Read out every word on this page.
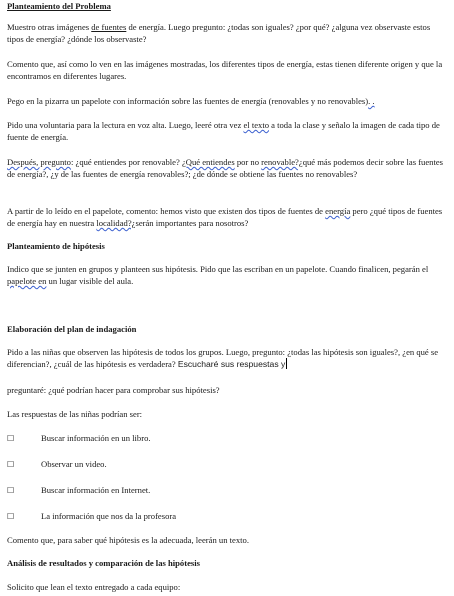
Planteamiento del Problema

Muestro otras imágenes de fuentes de energía. Luego pregunto: ¿todas son iguales? ¿por qué? ¿alguna vez observaste estos tipos de energía? ¿dónde los observaste?

Comento que, así como lo ven en las imágenes mostradas, los diferentes tipos de energía, estas tienen diferente origen y que la encontramos en diferentes lugares.

Pego en la pizarra un papelote con información sobre las fuentes de energía (renovables y no renovables). .

Pido una voluntaria para la lectura en voz alta. Luego, leeré otra vez el texto a toda la clase y señalo la imagen de cada tipo de fuente de energía.

Después, pregunto: ¿qué entiendes por renovable? ¿Qué entiendes por no renovable?¿qué más podemos decir sobre las fuentes de energía?, ¿y de las fuentes de energía renovables?; ¿de dónde se obtiene las fuentes no renovables?

A partir de lo leído en el papelote, comento: hemos visto que existen dos tipos de fuentes de energía pero ¿qué tipos de fuentes de energía hay en nuestra localidad?¿serán importantes para nosotros?

Planteamiento de hipótesis

Indico que se junten en grupos y planteen sus hipótesis. Pido que las escriban en un papelote. Cuando finalicen, pegarán el papelote en un lugar visible del aula.

Elaboración del plan de indagación

Pido a las niñas que observen las hipótesis de todos los grupos. Luego, pregunto: ¿todas las hipótesis son iguales?, ¿en qué se diferencian?, ¿cuál de las hipótesis es verdadera? Escucharé sus respuestas y

preguntaré: ¿qué podrían hacer para comprobar sus hipótesis?

Las respuestas de las niñas podrían ser:

☐	Buscar información en un libro.
☐	Observar un video.
☐	Buscar información en Internet.
☐	La información que nos da la profesora

Comento que, para saber qué hipótesis es la adecuada, leerán un texto.

Análisis de resultados y comparación de las hipótesis

Solicito que lean el texto entregado a cada equipo:
